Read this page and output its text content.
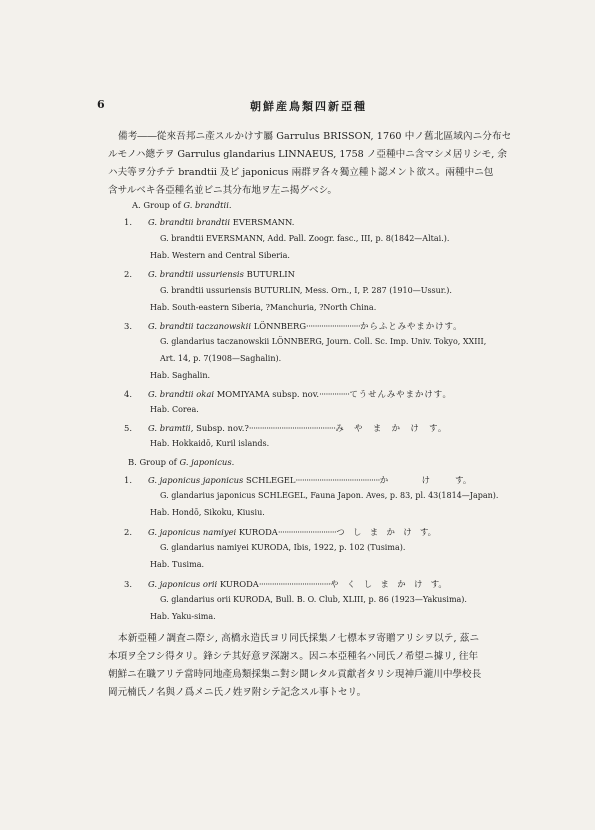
6	朝鮮産鳥類四新亞種
備考――從來吾邦ニ產スルかけす屬 Garrulus BRISSON, 1760 中ノ舊北區域內ニ分布セ
ルモノハ總テヲ Garrulus glandarius LINNAEUS, 1758 ノ亞種中ニ含マシメ居リシモ, 余
ハ夫等ヲ分チテ brandtii 及ビ japonicus 兩群ヲ各々獨立種ト認メント欲ス。兩種中ニ包
含サルベキ各亞種名並ビニ其分布地ヲ左ニ揭グベシ。
A. Group of G. brandtii.
1. G. brandtii brandtii EVERSMANN.
G. brandtii EVERSMANN, Add. Pall. Zoogr. fasc., III, p. 8(1842—Altai.).
Hab. Western and Central Siberia.
2. G. brandtii ussuriensis BUTURLIN
G. brandtii ussuriensis BUTURLIN, Mess. Orn., I, P. 287 (1910—Ussur.).
Hab. South-eastern Siberia, ?Manchuria, ?North China.
3. G. brandtii taczanowskii LÖNNBERG·························からふとみやまかけす。
G. glandarius taczanowskii LÖNNBERG, Journ. Coll. Sc. Imp. Univ. Tokyo, XXIII,
Art. 14, p. 7(1908—Saghalin).
Hab. Saghalin.
4. G. brandtii okai MOMIYAMA subsp. nov.··············てうせんみやまかけす。
Hab. Corea.
5. G. bramtii, Subsp. nov.?········································み　や　ま　か　け　す。
Hab. Hokkaidō, Kuril islands.
B. Group of G. japonicus.
1. G. japonicus japonicus SCHLEGEL·······································か　　　　け　　　す。
G. glandarius japonicus SCHLEGEL, Fauna Japon. Aves, p. 83, pl. 43(1814—Japan).
Hab. Hondō, Sikoku, Kiusiu.
2. G. japonicus namiyei KURODA···························つ　し　ま　か　け　す。
G. glandarius namiyei KURODA, Ibis, 1922, p. 102 (Tusima).
Hab. Tusima.
3. G. japonicus orii KURODA·································や　く　し　ま　か　け　す。
G. glandarius orii KURODA, Bull. B. O. Club, XLIII, p. 86 (1923—Yakusima).
Hab. Yaku-sima.
本新亞種ノ調査ニ際シ, 高橋永造氏ヨリ同氏採集ノ七標本ヲ寄贈アリシヲ以テ, 茲ニ
本項ヲ全フシ得タリ。鋒シテ其好意ヲ深謝ス。因ニ本亞種名ハ同氏ノ希望ニ據リ, 往年
朝鮮ニ在職アリテ當時同地產鳥類採集ニ對シ鬪レタル貢獻者タリシ現神戶瀧川中學校長
岡元楠氏ノ名與ノ爲メニ氏ノ姓ヲ附シテ記念スル事トセリ。
